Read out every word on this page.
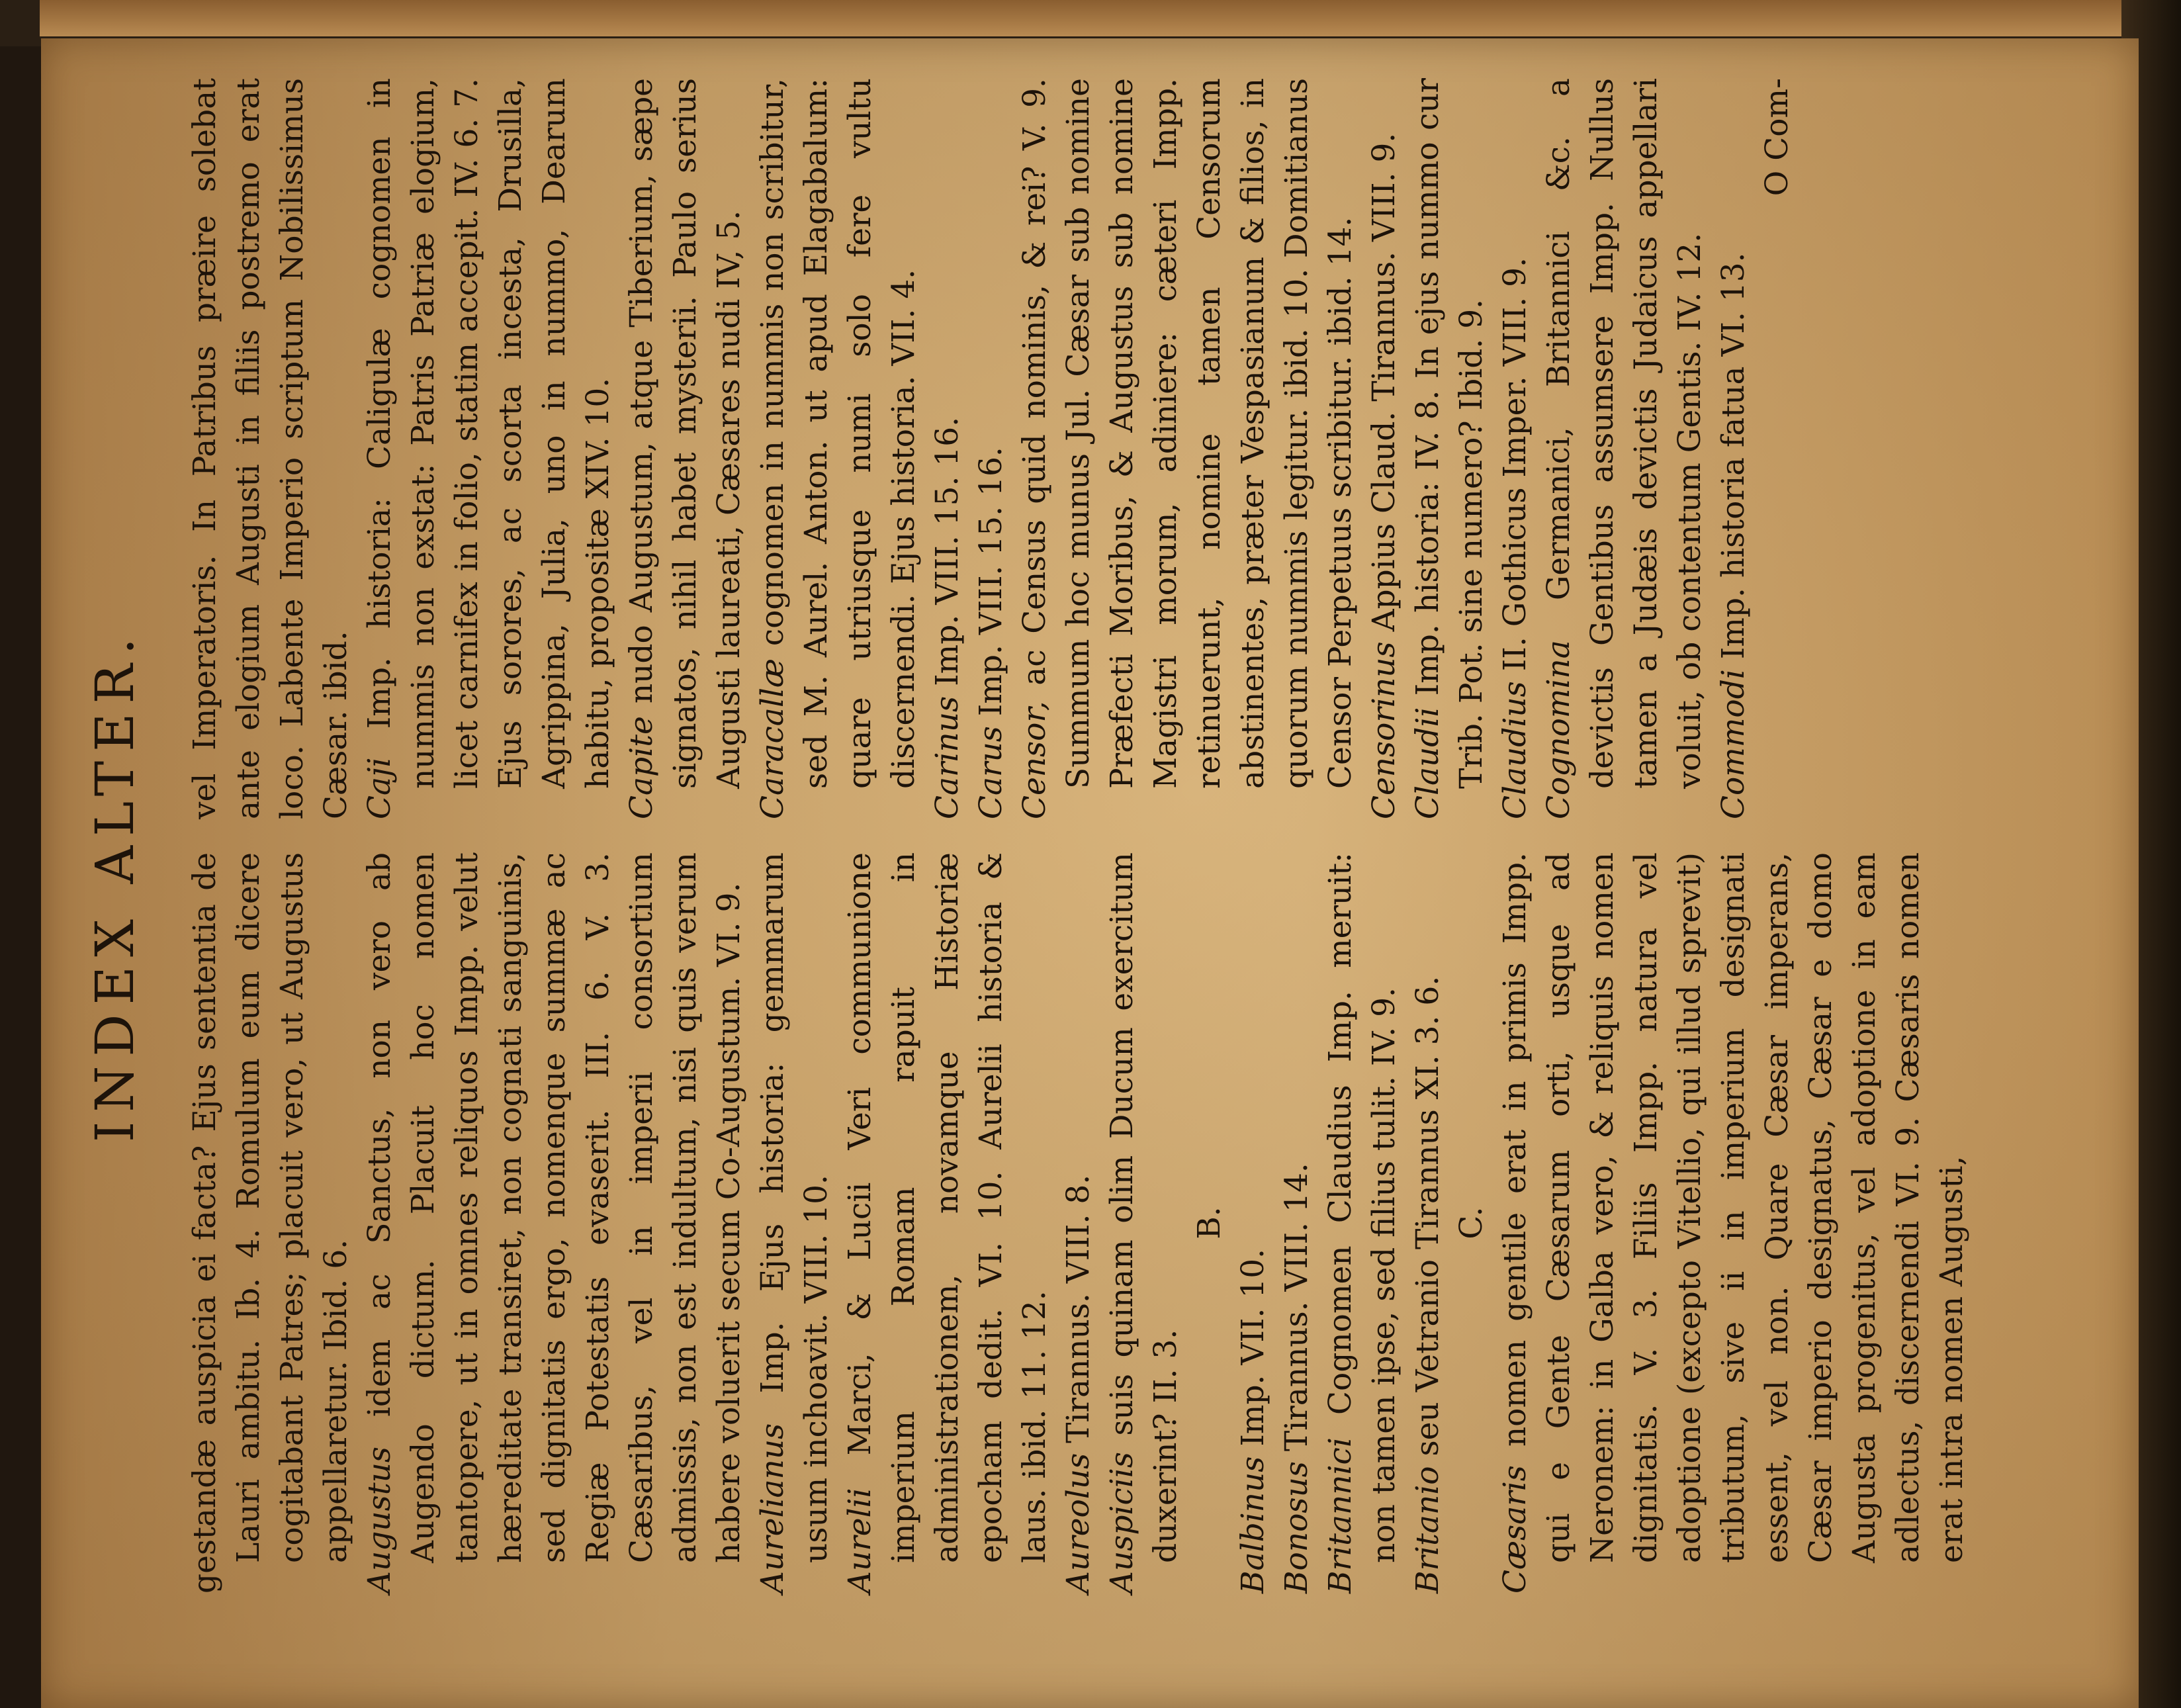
INDEX ALTER. gestandæ auspicia ei facta? Ejus sententia de Lauri ambitu. Ib. 4. Romulum eum dicere cogitabant Patres; placuit vero, ut Augustus appellaretur. Ibid. 6. Augustus idem ac Sanctus, non vero ab Augendo dictum. Placuit hoc nomen tantopere, ut in omnes reliquos Impp. velut hæreditate transiret, non cognati sanguinis, sed dignitatis ergo, nomenque summæ ac Regiæ Potestatis evaserit. III. 6. V. 3. Cæsaribus, vel in imperii consortium admissis, non est indultum, nisi quis verum habere voluerit secum Co-Augustum. VI. 9. Aurelianus Imp. Ejus historia: gemmarum usum inchoavit. VIII. 10. Aurelii Marci, & Lucii Veri communione imperium Romam rapuit in administrationem, novamque Historiæ epocham dedit. VI. 10. Aurelii historia & laus. ibid. 11. 12. Aureolus Tirannus. VIII. 8.

Auspiciis suis quinam olim Ducum exercitum duxerint? II. 3.

B.

Balbinus Imp. VII. 10.

Bonosus Tirannus. VIII. 14.

Britannici Cognomen Claudius Imp. meruit: non tamen ipse, sed filius tulit. IV. 9. Britanio seu Vetranio Tirannus XI. 3. 6. C.

Cæsaris nomen gentile erat in primis Impp. qui e Gente Cæsarum orti, usque ad Neronem: in Galba vero, & reliquis nomen dignitatis. V. 3. Filiis Impp. natura vel adoptione (excepto Vitellio, qui illud sprevit) tributum, sive ii in imperium designati essent, vel non. Quare Cæsar imperans, Cæsar imperio designatus, Cæsar e domo Augusta progenitus, vel adoptione in eam adlectus, discernendi VI. 9. Cæsaris nomen erat intra nomen Augusti,

vel Imperatoris. In Patribus præire solebat ante elogium Augusti in filiis postremo erat loco. Labente Imperio scriptum Nobilissimus Cæsar. ibid. Caji Imp. historia: Caligulæ cognomen in nummis non exstat: Patris Patriæ elogium, licet carnifex in folio, statim accepit. IV. 6. 7. Ejus sorores, ac scorta incesta, Drusilla, Agrippina, Julia, uno in nummo, Dearum habitu, propositæ XIV. 10. Capite nudo Augustum, atque Tiberium, sæpe signatos, nihil habet mysterii. Paulo serius Augusti laureati, Cæsares nudi IV, 5. Caracallæ cognomen in nummis non scribitur, sed M. Aurel. Anton. ut apud Elagabalum: quare utriusque numi solo fere vultu discernendi. Ejus historia. VII. 4. Carinus Imp. VIII. 15. 16.

Carus Imp. VIII. 15. 16.

Censor, ac Census quid nominis, & rei? V. 9. Summum hoc munus Jul. Cæsar sub nomine Præfecti Moribus, & Augustus sub nomine Magistri morum, adiniere: cæteri Impp. retinuerunt, nomine tamen Censorum abstinentes, præter Vespasianum & filios, in quorum nummis legitur. ibid. 10. Domitianus Censor Perpetuus scribitur. ibid. 14. Censorinus Appius Claud. Tirannus. VIII. 9.

Claudii Imp. historia: IV. 8. In ejus nummo cur Trib. Pot. sine numero? Ibid. 9. Claudius II. Gothicus Imper. VIII. 9.

Cognomina Germanici, Britannici &c. a devictis Gentibus assumsere Impp. Nullus tamen a Judæis devictis Judaicus appellari voluit, ob contentum Gentis. IV. 12. Commodi Imp. historia fatua VI. 13.

O Com-
